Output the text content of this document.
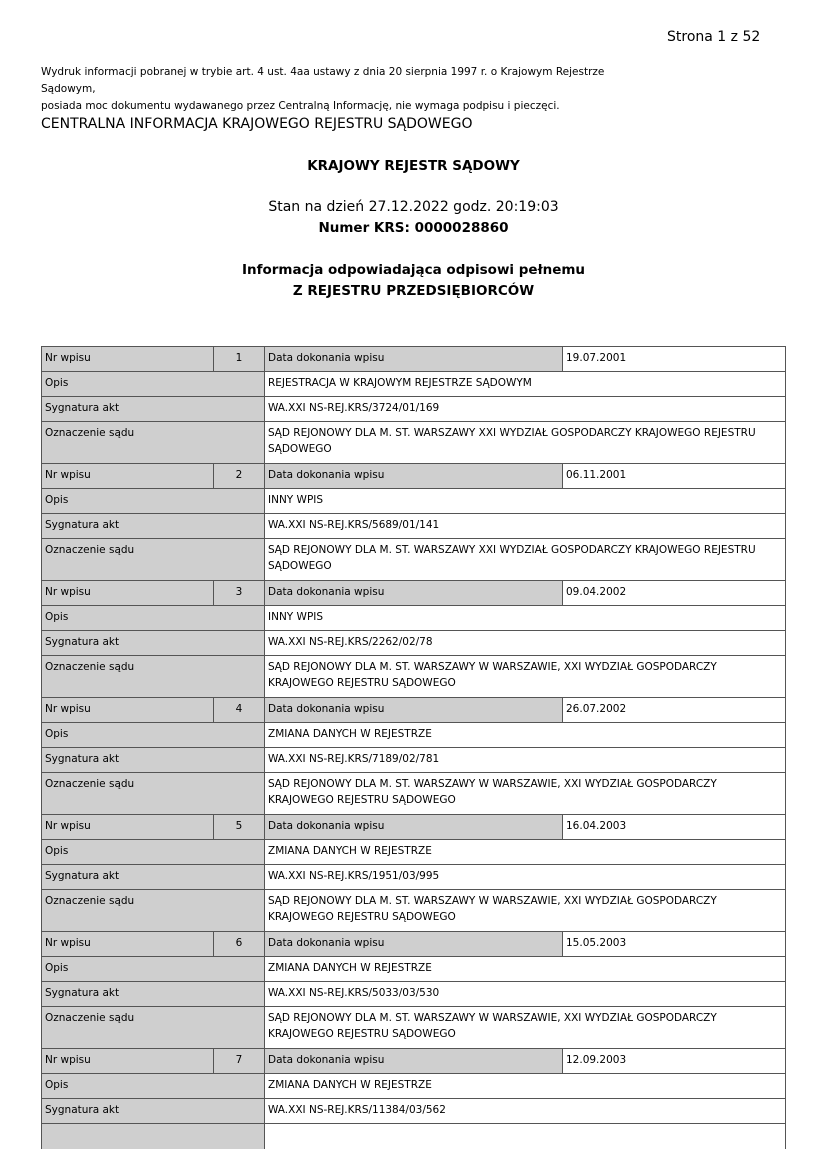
Strona 1 z 52
Wydruk informacji pobranej w trybie art. 4 ust. 4aa ustawy z dnia 20 sierpnia 1997 r. o Krajowym Rejestrze Sądowym,
posiada moc dokumentu wydawanego przez Centralną Informację, nie wymaga podpisu i pieczęci.
CENTRALNA INFORMACJA KRAJOWEGO REJESTRU SĄDOWEGO
KRAJOWY REJESTR SĄDOWY
Stan na dzień 27.12.2022 godz. 20:19:03
Numer KRS: 0000028860
Informacja odpowiadająca odpisowi pełnemu
Z REJESTRU PRZEDSIĘBIORCÓW
Nr wpisu	1	Data dokonania wpisu	19.07.2001
Opis		REJESTRACJA W KRAJOWYM REJESTRZE SĄDOWYM	
Sygnatura akt		WA.XXI NS-REJ.KRS/3724/01/169	
Oznaczenie sądu		SĄD REJONOWY DLA M. ST. WARSZAWY XXI WYDZIAŁ GOSPODARCZY KRAJOWEGO REJESTRU SĄDOWEGO	
Nr wpisu	2	Data dokonania wpisu	06.11.2001
Opis		INNY WPIS	
Sygnatura akt		WA.XXI NS-REJ.KRS/5689/01/141	
Oznaczenie sądu		SĄD REJONOWY DLA M. ST. WARSZAWY XXI WYDZIAŁ GOSPODARCZY KRAJOWEGO REJESTRU SĄDOWEGO	
Nr wpisu	3	Data dokonania wpisu	09.04.2002
Opis		INNY WPIS	
Sygnatura akt		WA.XXI NS-REJ.KRS/2262/02/78	
Oznaczenie sądu		SĄD REJONOWY DLA M. ST. WARSZAWY W WARSZAWIE, XXI WYDZIAŁ GOSPODARCZY KRAJOWEGO REJESTRU SĄDOWEGO	
Nr wpisu	4	Data dokonania wpisu	26.07.2002
Opis		ZMIANA DANYCH W REJESTRZE	
Sygnatura akt		WA.XXI NS-REJ.KRS/7189/02/781	
Oznaczenie sądu		SĄD REJONOWY DLA M. ST. WARSZAWY W WARSZAWIE, XXI WYDZIAŁ GOSPODARCZY KRAJOWEGO REJESTRU SĄDOWEGO	
Nr wpisu	5	Data dokonania wpisu	16.04.2003
Opis		ZMIANA DANYCH W REJESTRZE	
Sygnatura akt		WA.XXI NS-REJ.KRS/1951/03/995	
Oznaczenie sądu		SĄD REJONOWY DLA M. ST. WARSZAWY W WARSZAWIE, XXI WYDZIAŁ GOSPODARCZY KRAJOWEGO REJESTRU SĄDOWEGO	
Nr wpisu	6	Data dokonania wpisu	15.05.2003
Opis		ZMIANA DANYCH W REJESTRZE	
Sygnatura akt		WA.XXI NS-REJ.KRS/5033/03/530	
Oznaczenie sądu		SĄD REJONOWY DLA M. ST. WARSZAWY W WARSZAWIE, XXI WYDZIAŁ GOSPODARCZY KRAJOWEGO REJESTRU SĄDOWEGO	
Nr wpisu	7	Data dokonania wpisu	12.09.2003
Opis		ZMIANA DANYCH W REJESTRZE	
Sygnatura akt		WA.XXI NS-REJ.KRS/11384/03/562	
